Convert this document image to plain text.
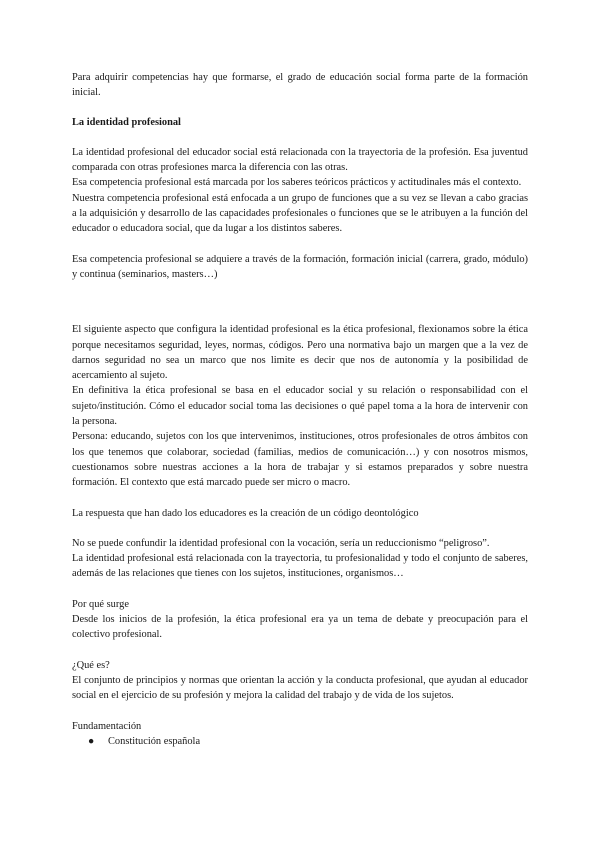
Para adquirir competencias hay que formarse, el grado de educación social forma parte de la formación inicial.

La identidad profesional

La identidad profesional del educador social está relacionada con la trayectoria de la profesión. Esa juventud comparada con otras profesiones marca la diferencia con las otras.

Esa competencia profesional está marcada por los saberes teóricos prácticos y actitudinales más el contexto.

Nuestra competencia profesional está enfocada a un grupo de funciones que a su vez se llevan a cabo gracias a la adquisición y desarrollo de las capacidades profesionales o funciones que se le atribuyen a la función del educador o educadora social, que da lugar a los distintos saberes.

Esa competencia profesional se adquiere a través de la formación, formación inicial (carrera, grado, módulo) y continua (seminarios, masters…)

El siguiente aspecto que configura la identidad profesional es la ética profesional, flexionamos sobre la ética porque necesitamos seguridad, leyes, normas, códigos. Pero una normativa bajo un margen que a la vez de darnos seguridad no sea un marco que nos limite es decir que nos de autonomía y la posibilidad de acercamiento al sujeto.

En definitiva la ética profesional se basa en el educador social y su relación o responsabilidad con el sujeto/institución. Cómo el educador social toma las decisiones o qué papel toma a la hora de intervenir con la persona.

Persona: educando, sujetos con los que intervenimos, instituciones, otros profesionales de otros ámbitos con los que tenemos que colaborar, sociedad (familias, medios de comunicación…) y con nosotros mismos, cuestionamos sobre nuestras acciones a la hora de trabajar y si estamos preparados y sobre nuestra formación. El contexto que está marcado puede ser micro o macro.

La respuesta que han dado los educadores es la creación de un código deontológico

No se puede confundir la identidad profesional con la vocación, sería un reduccionismo “peligroso”.

La identidad profesional está relacionada con la trayectoria, tu profesionalidad y todo el conjunto de saberes, además de las relaciones que tienes con los sujetos, instituciones, organismos…

Por qué surge

Desde los inicios de la profesión, la ética profesional era ya un tema de debate y preocupación para el colectivo profesional.

¿Qué es?

El conjunto de principios y normas que orientan la acción y la conducta profesional, que ayudan al educador social en el ejercicio de su profesión y mejora la calidad del trabajo y de vida de los sujetos.

Fundamentación

● Constitución española
